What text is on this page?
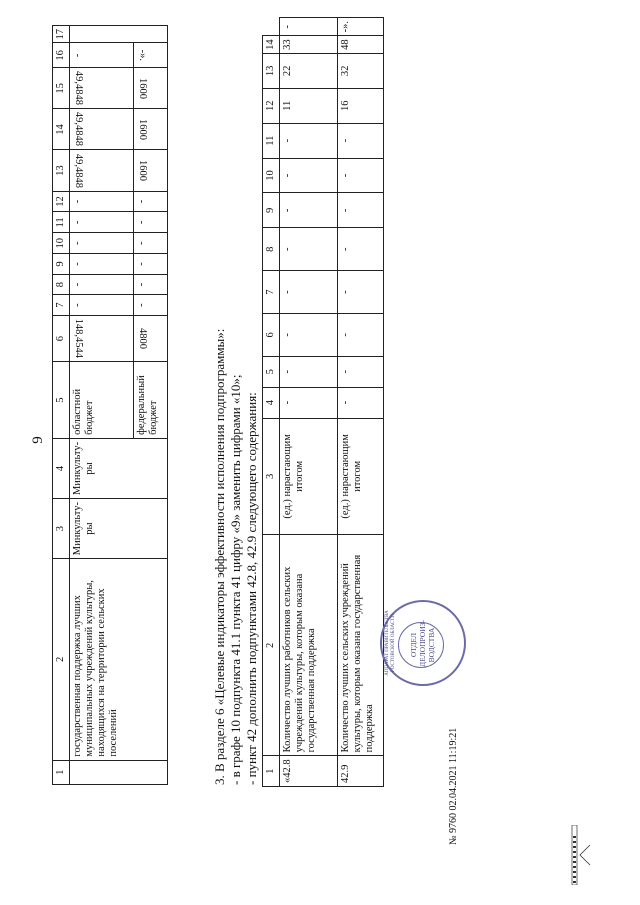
9
1	2	3	4	5	6	7	8	9	10	11	12	13	14	15	16	17
	государственная поддержка лучших муниципальных учреждений культуры, находящихся на территории сельских поселений	Минкульту-ры	Минкульту-ры	областной бюджет	148,4544	-	-	-	-	-	-	49,4848	49,4848	49,4848	-	
				федеральный бюджет	4800	-	-	-	-	-	-	1600	1600	1600	-».	
3. В разделе 6 «Целевые индикаторы эффективности исполнения подпрограммы»: - в графе 10 подпункта 41.1 пункта 41 цифру «9» заменить цифрами «10»; - пункт 42 дополнить подпунктами 42.8, 42.9 следующего содержания: 1	2	3	4	5	6	7	8	9	10	11	12	13	14	
«42.8	Количество лучших работников сельских учреждений культуры, которым оказана государственная поддержка	(ед.) нарастающим итогом	-	-	-	-	-	-	-	-	11	22	33	-
42.9	Количество лучших сельских учреждений культуры, которым оказана государственная поддержка	(ед.) нарастающим итогом	-	-	-	-	-	-	-	-	16	32	48	-».
№ 9760 02.04.2021 11:19:21
АППАРАТ ПРАВИТЕЛЬСТВА РОСТОВСКОЙ ОБЛАСТИ	ОТДЕЛ ДЕЛОПРОИЗ-ВОДСТВА
